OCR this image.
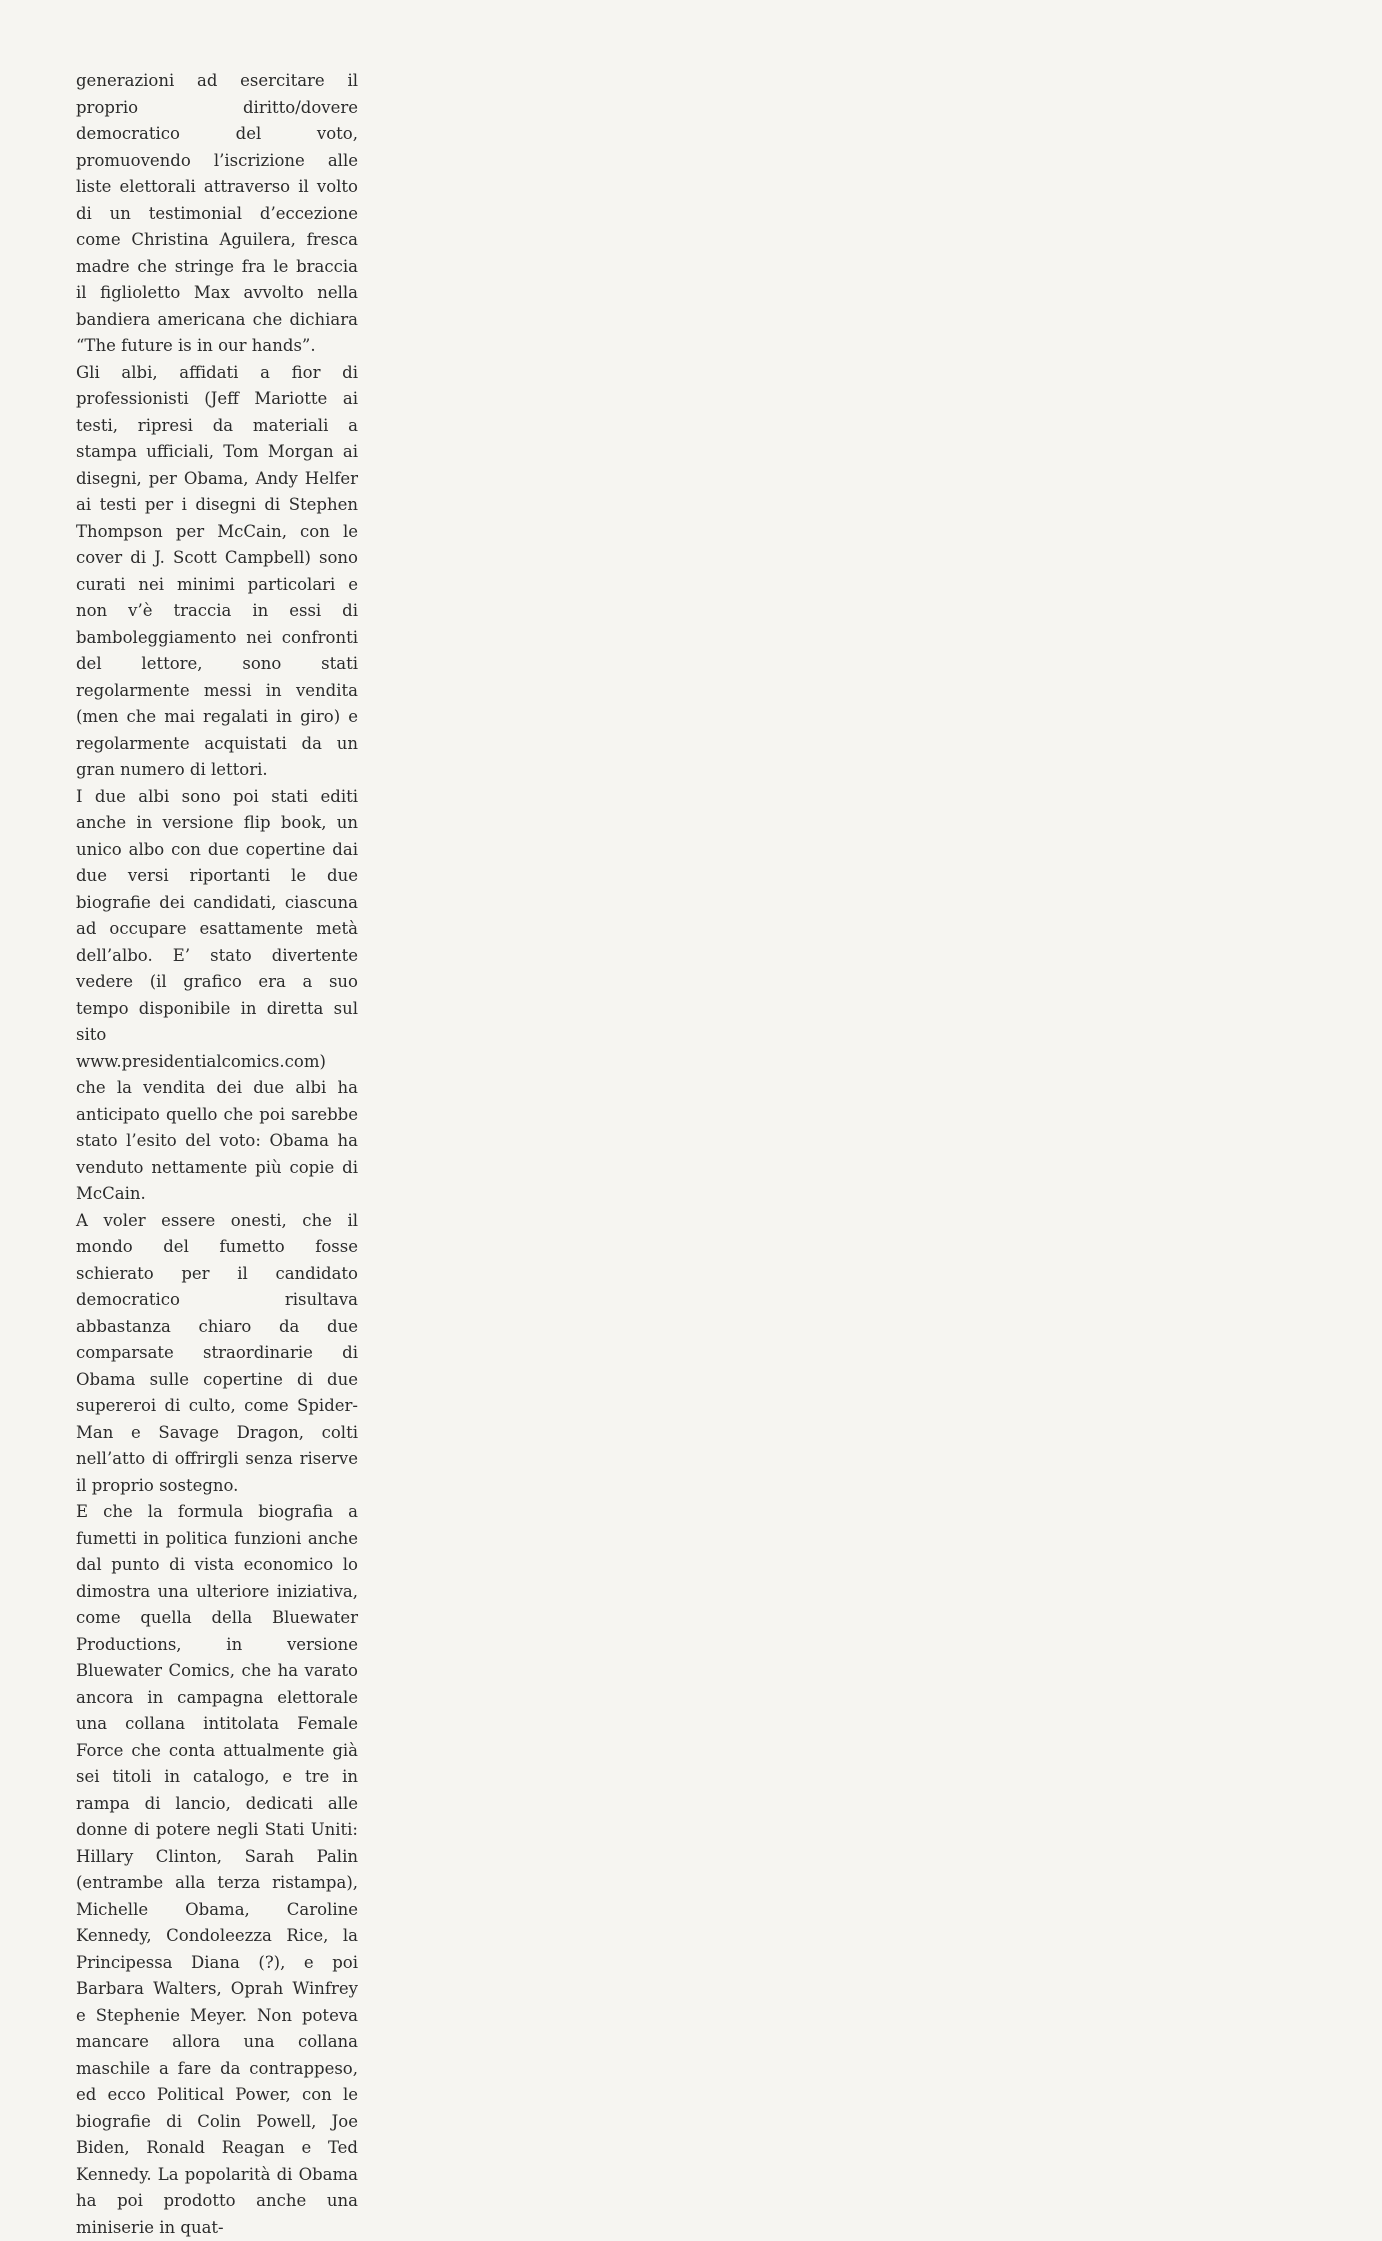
generazioni ad esercitare il proprio diritto/dovere democratico del voto, promuovendo l’iscrizione alle liste elettorali attraverso il volto di un testimonial d’eccezione come Christina Aguilera, fresca madre che stringe fra le braccia il figlioletto Max avvolto nella bandiera americana che dichiara “The future is in our hands”.

Gli albi, affidati a fior di professionisti (Jeff Mariotte ai testi, ripresi da materiali a stampa ufficiali, Tom Morgan ai disegni, per Obama, Andy Helfer ai testi per i disegni di Stephen Thompson per McCain, con le cover di J. Scott Campbell) sono curati nei minimi particolari e non v’è traccia in essi di bamboleggiamento nei confronti del lettore, sono stati regolarmente messi in vendita (men che mai regalati in giro) e regolarmente acquistati da un gran numero di lettori.

I due albi sono poi stati editi anche in versione flip book, un unico albo con due copertine dai due versi riportanti le due biografie dei candidati, ciascuna ad occupare esattamente metà dell’albo. E’ stato divertente vedere (il grafico era a suo tempo disponibile in diretta sul sito www.presidentialcomics.com) che la vendita dei due albi ha anticipato quello che poi sarebbe stato l’esito del voto: Obama ha venduto nettamente più copie di McCain.

A voler essere onesti, che il mondo del fumetto fosse schierato per il candidato democratico risultava abbastanza chiaro da due comparsate straordinarie di Obama sulle copertine di due supereroi di culto, come Spider-Man e Savage Dragon, colti nell’atto di offrirgli senza riserve il proprio sostegno.

E che la formula biografia a fumetti in politica funzioni anche dal punto di vista economico lo dimostra una ulteriore iniziativa, come quella della Bluewater Productions, in versione Bluewater Comics, che ha varato ancora in campagna elettorale una collana intitolata Female Force che conta attualmente già sei titoli in catalogo, e tre in rampa di lancio, dedicati alle donne di potere negli Stati Uniti: Hillary Clinton, Sarah Palin (entrambe alla terza ristampa), Michelle Obama, Caroline Kennedy, Condoleezza Rice, la Principessa Diana (?), e poi Barbara Walters, Oprah Winfrey e Stephenie Meyer. Non poteva mancare allora una collana maschile a fare da contrappeso, ed ecco Political Power, con le biografie di Colin Powell, Joe Biden, Ronald Reagan e Ted Kennedy. La popolarità di Obama ha poi prodotto anche una miniserie in quat-
